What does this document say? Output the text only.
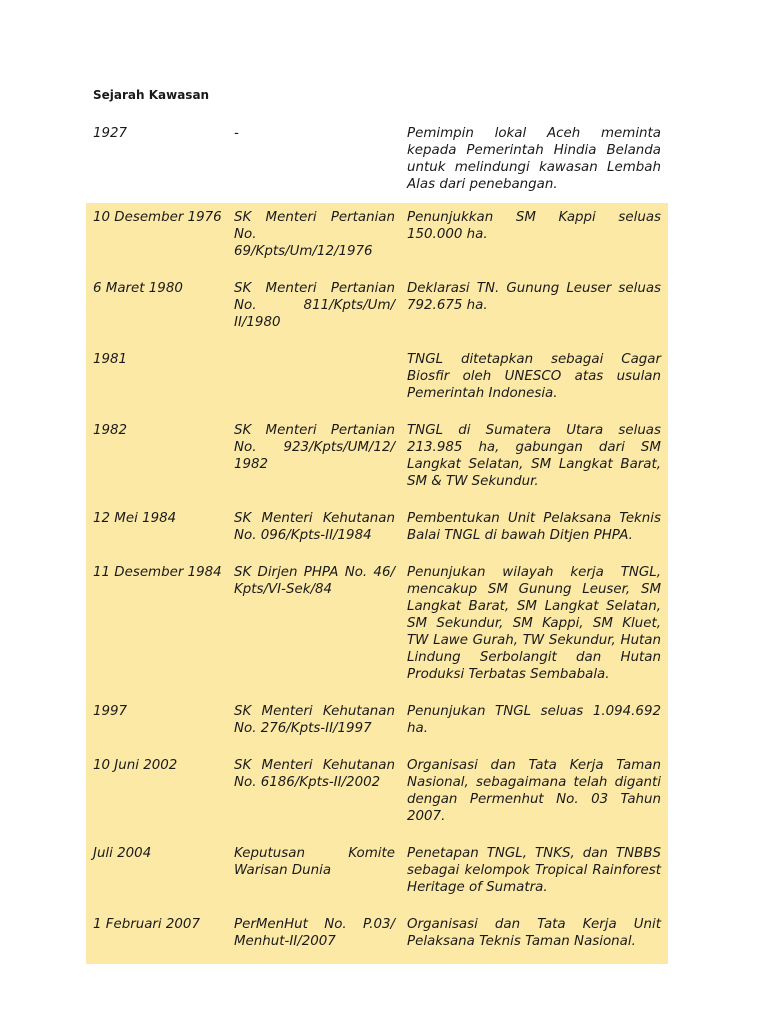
Sejarah Kawasan
1927	-	Pemimpin lokal Aceh meminta kepada Pemerintah Hindia Belanda untuk melindungi kawasan Lembah Alas dari penebangan.
10 Desember 1976	SK Menteri Pertanian No. 69/Kpts/Um/12/1976	Penunjukkan SM Kappi seluas 150.000 ha.
6 Maret 1980	SK Menteri Pertanian No. 811/Kpts/Um/ II/1980	Deklarasi TN. Gunung Leuser seluas 792.675 ha.
1981		TNGL ditetapkan sebagai Cagar Biosfir oleh UNESCO atas usulan Pemerintah Indonesia.
1982	SK Menteri Pertanian No. 923/Kpts/UM/12/ 1982	TNGL di Sumatera Utara seluas 213.985 ha, gabungan dari SM Langkat Selatan, SM Langkat Barat, SM & TW Sekundur.
12 Mei 1984	SK Menteri Kehutanan No. 096/Kpts-II/1984	Pembentukan Unit Pelaksana Teknis Balai TNGL di bawah Ditjen PHPA.
11 Desember 1984	SK Dirjen PHPA No. 46/ Kpts/VI-Sek/84	Penunjukan wilayah kerja TNGL, mencakup SM Gunung Leuser, SM Langkat Barat, SM Langkat Selatan, SM Sekundur, SM Kappi, SM Kluet, TW Lawe Gurah, TW Sekundur, Hutan Lindung Serbolangit dan Hutan Produksi Terbatas Sembabala.
1997	SK Menteri Kehutanan No. 276/Kpts-II/1997	Penunjukan TNGL seluas 1.094.692 ha.
10 Juni 2002	SK Menteri Kehutanan No. 6186/Kpts-II/2002	Organisasi dan Tata Kerja Taman Nasional, sebagaimana telah diganti dengan Permenhut No. 03 Tahun 2007.
Juli 2004	Keputusan Komite Warisan Dunia	Penetapan TNGL, TNKS, dan TNBBS sebagai kelompok Tropical Rainforest Heritage of Sumatra.
1 Februari 2007	PerMenHut No. P.03/ Menhut-II/2007	Organisasi dan Tata Kerja Unit Pelaksana Teknis Taman Nasional.
